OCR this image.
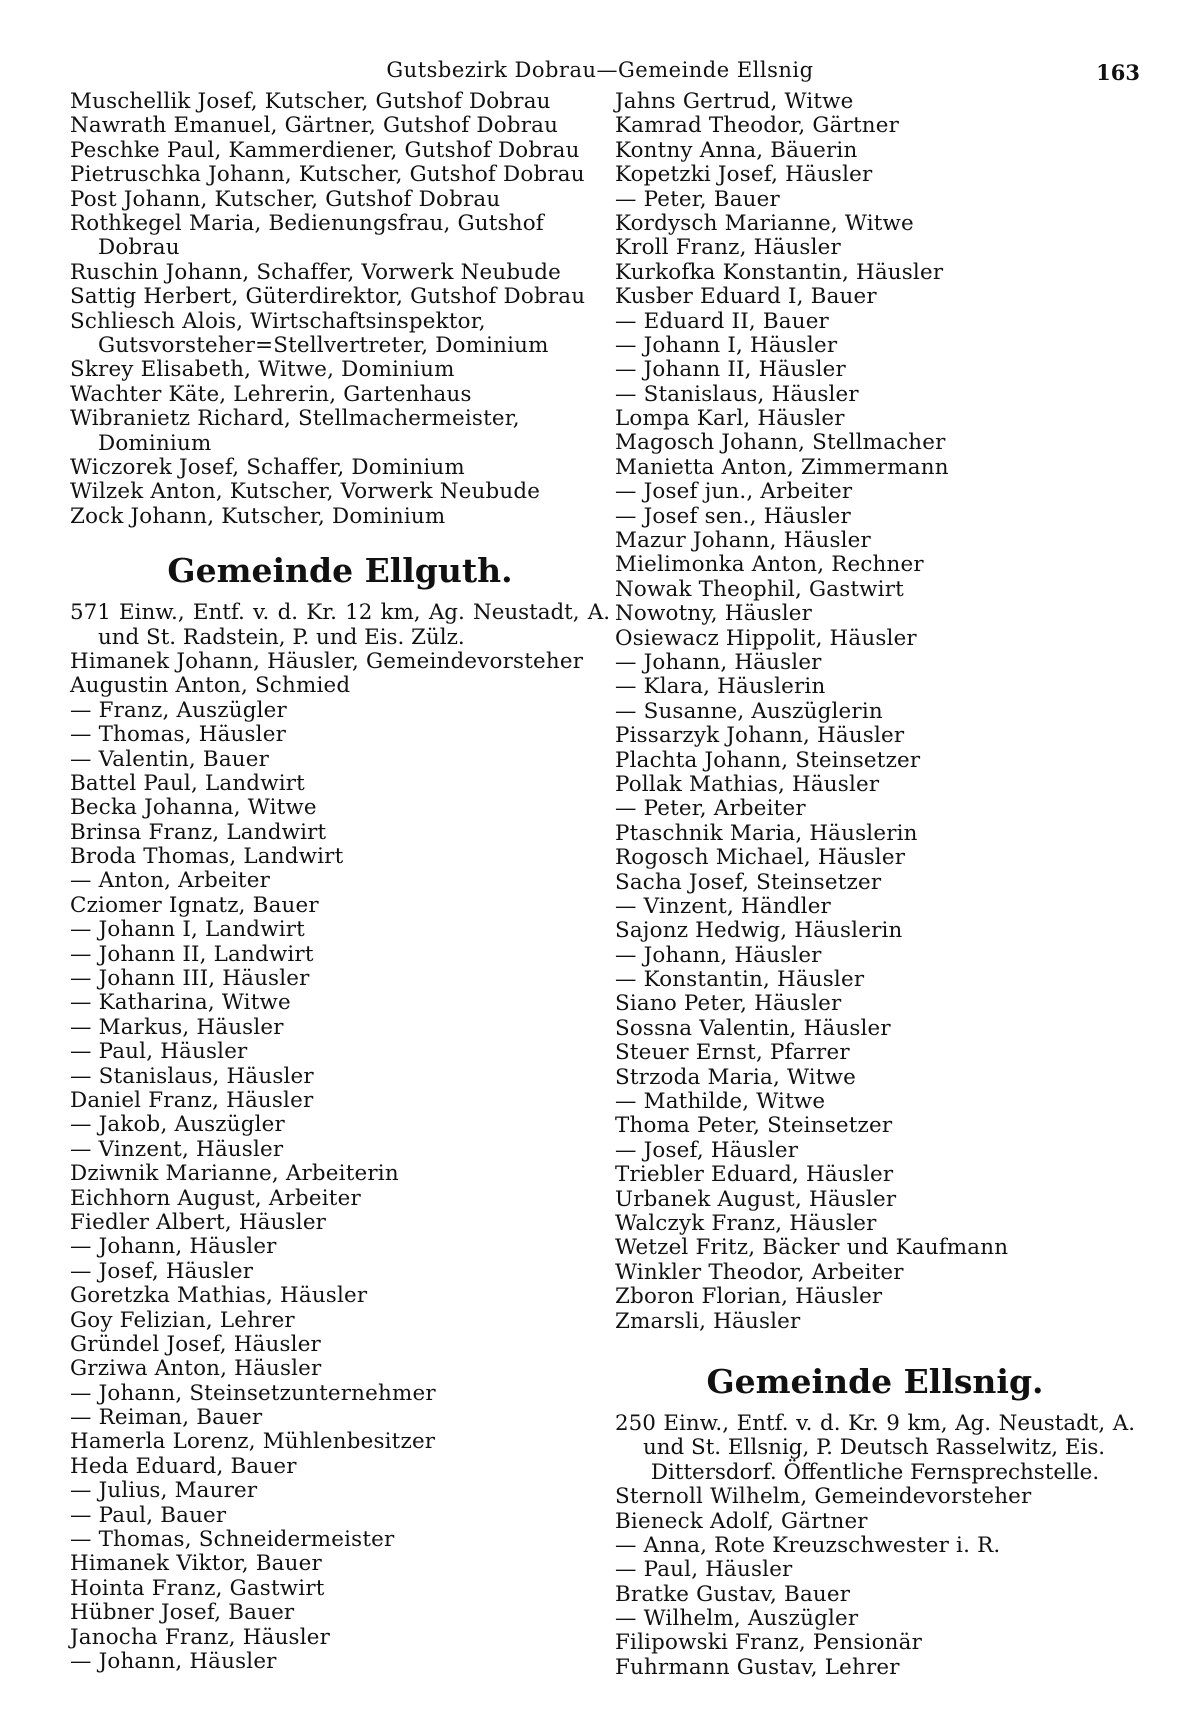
Gutsbezirk Dobrau—Gemeinde Ellsnig	163
Muschellik Josef, Kutscher, Gutshof Dobrau
Nawrath Emanuel, Gärtner, Gutshof Dobrau
Peschke Paul, Kammerdiener, Gutshof Dobrau
Pietruschka Johann, Kutscher, Gutshof Dobrau
Post Johann, Kutscher, Gutshof Dobrau
Rothkegel Maria, Bedienungsfrau, Gutshof Dobrau
Ruschin Johann, Schaffer, Vorwerk Neubude
Sattig Herbert, Güterdirektor, Gutshof Dobrau
Schliesch Alois, Wirtschaftsinspektor, Gutsvorsteher=Stellvertreter, Dominium
Skrey Elisabeth, Witwe, Dominium
Wachter Käte, Lehrerin, Gartenhaus
Wibranietz Richard, Stellmachermeister, Dominium
Wiczorek Josef, Schaffer, Dominium
Wilzek Anton, Kutscher, Vorwerk Neubude
Zock Johann, Kutscher, Dominium
Gemeinde Ellguth.
571 Einw., Entf. v. d. Kr. 12 km, Ag. Neustadt, A. und St. Radstein, P. und Eis. Zülz.
Himanek Johann, Häusler, Gemeindevorsteher
Augustin Anton, Schmied
— Franz, Auszügler
— Thomas, Häusler
— Valentin, Bauer
Battel Paul, Landwirt
Becka Johanna, Witwe
Brinsa Franz, Landwirt
Broda Thomas, Landwirt
— Anton, Arbeiter
Cziomer Ignatz, Bauer
— Johann I, Landwirt
— Johann II, Landwirt
— Johann III, Häusler
— Katharina, Witwe
— Markus, Häusler
— Paul, Häusler
— Stanislaus, Häusler
Daniel Franz, Häusler
— Jakob, Auszügler
— Vinzent, Häusler
Dziwnik Marianne, Arbeiterin
Eichhorn August, Arbeiter
Fiedler Albert, Häusler
— Johann, Häusler
— Josef, Häusler
Goretzka Mathias, Häusler
Goy Felizian, Lehrer
Gründel Josef, Häusler
Grziwa Anton, Häusler
— Johann, Steinsetzunternehmer
— Reiman, Bauer
Hamerla Lorenz, Mühlenbesitzer
Heda Eduard, Bauer
— Julius, Maurer
— Paul, Bauer
— Thomas, Schneidermeister
Himanek Viktor, Bauer
Hointa Franz, Gastwirt
Hübner Josef, Bauer
Janocha Franz, Häusler
— Johann, Häusler
Jahns Gertrud, Witwe
Kamrad Theodor, Gärtner
Kontny Anna, Bäuerin
Kopetzki Josef, Häusler
— Peter, Bauer
Kordysch Marianne, Witwe
Kroll Franz, Häusler
Kurkofka Konstantin, Häusler
Kusber Eduard I, Bauer
— Eduard II, Bauer
— Johann I, Häusler
— Johann II, Häusler
— Stanislaus, Häusler
Lompa Karl, Häusler
Magosch Johann, Stellmacher
Manietta Anton, Zimmermann
— Josef jun., Arbeiter
— Josef sen., Häusler
Mazur Johann, Häusler
Mielimonka Anton, Rechner
Nowak Theophil, Gastwirt
Nowotny, Häusler
Osiewacz Hippolit, Häusler
— Johann, Häusler
— Klara, Häuslerin
— Susanne, Auszüglerin
Pissarzyk Johann, Häusler
Plachta Johann, Steinsetzer
Pollak Mathias, Häusler
— Peter, Arbeiter
Ptaschnik Maria, Häuslerin
Rogosch Michael, Häusler
Sacha Josef, Steinsetzer
— Vinzent, Händler
Sajonz Hedwig, Häuslerin
— Johann, Häusler
— Konstantin, Häusler
Siano Peter, Häusler
Sossna Valentin, Häusler
Steuer Ernst, Pfarrer
Strzoda Maria, Witwe
— Mathilde, Witwe
Thoma Peter, Steinsetzer
— Josef, Häusler
Triebler Eduard, Häusler
Urbanek August, Häusler
Walczyk Franz, Häusler
Wetzel Fritz, Bäcker und Kaufmann
Winkler Theodor, Arbeiter
Zboron Florian, Häusler
Zmarsli, Häusler
Gemeinde Ellsnig.
250 Einw., Entf. v. d. Kr. 9 km, Ag. Neustadt, A. und St. Ellsnig, P. Deutsch Rasselwitz, Eis.
Dittersdorf. Öffentliche Fernsprechstelle.
Sternoll Wilhelm, Gemeindevorsteher
Bieneck Adolf, Gärtner
— Anna, Rote Kreuzschwester i. R.
— Paul, Häusler
Bratke Gustav, Bauer
— Wilhelm, Auszügler
Filipowski Franz, Pensionär
Fuhrmann Gustav, Lehrer
